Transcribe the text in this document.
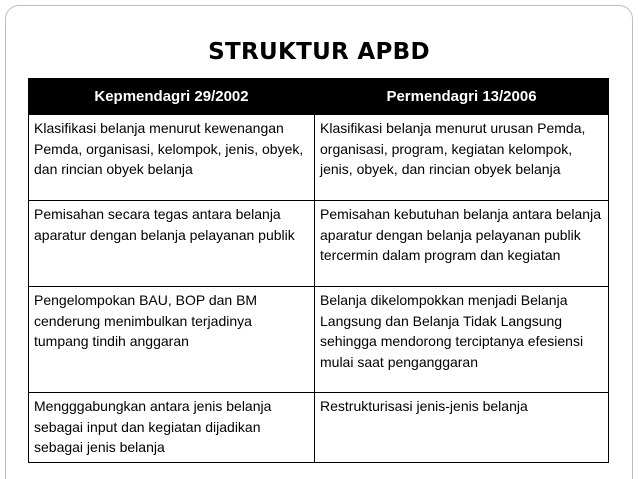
STRUKTUR APBD
Kepmendagri 29/2002	Permendagri 13/2006
Klasifikasi belanja menurut kewenangan Pemda, organisasi, kelompok, jenis, obyek, dan rincian obyek belanja	Klasifikasi belanja menurut urusan Pemda, organisasi, program, kegiatan kelompok, jenis, obyek, dan rincian obyek belanja
Pemisahan secara tegas antara belanja aparatur dengan belanja pelayanan publik	Pemisahan kebutuhan belanja antara belanja aparatur dengan belanja pelayanan publik tercermin dalam program dan kegiatan
Pengelompokan BAU, BOP dan BM cenderung menimbulkan terjadinya tumpang tindih anggaran	Belanja dikelompokkan menjadi Belanja Langsung dan Belanja Tidak Langsung sehingga mendorong terciptanya efesiensi mulai saat penganggaran
Mengggabungkan antara jenis belanja sebagai input dan kegiatan dijadikan sebagai jenis belanja	Restrukturisasi jenis-jenis belanja
